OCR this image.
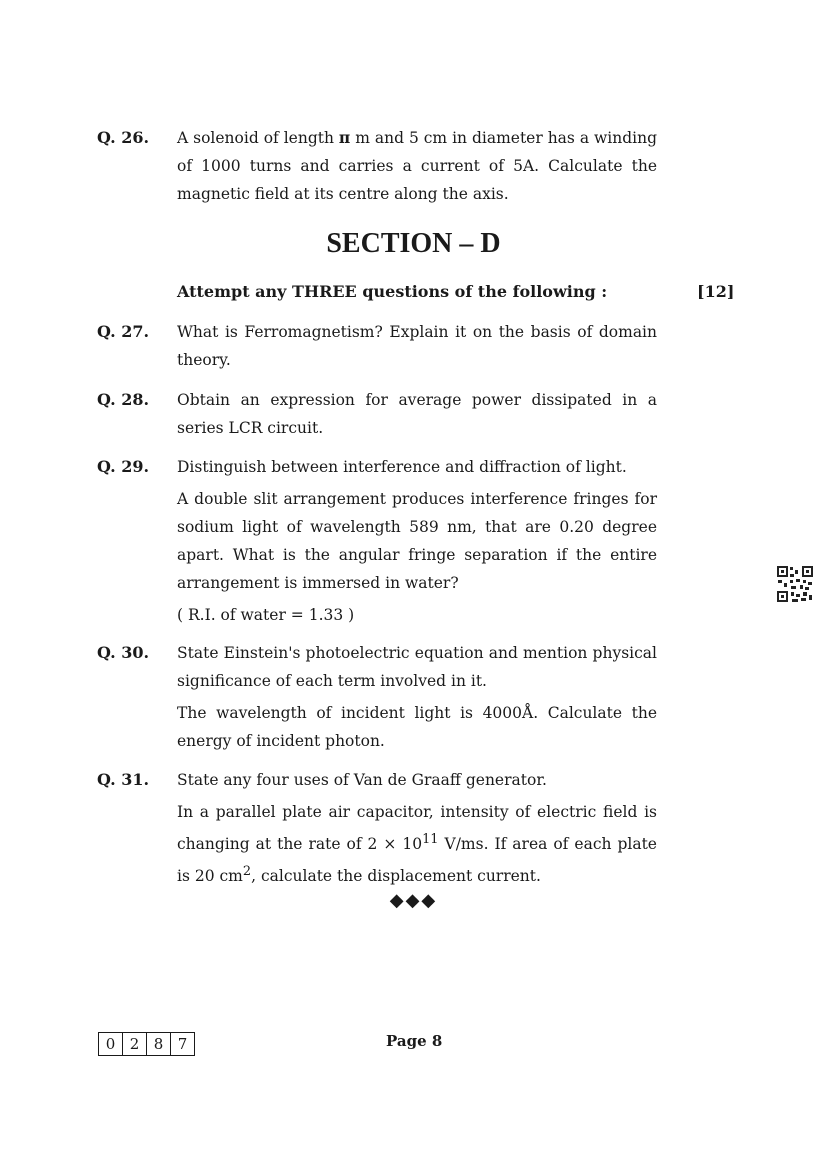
Q. 26. A solenoid of length π m and 5 cm in diameter has a winding of 1000 turns and carries a current of 5A. Calculate the magnetic field at its centre along the axis.

SECTION – D
Attempt any THREE questions of the following :	[12]
Q. 27. What is Ferromagnetism? Explain it on the basis of domain theory.

Q. 28. Obtain an expression for average power dissipated in a series LCR circuit.

Q. 29. Distinguish between interference and diffraction of light.

A double slit arrangement produces interference fringes for sodium light of wavelength 589 nm, that are 0.20 degree apart. What is the angular fringe separation if the entire arrangement is immersed in water?

( R.I. of water = 1.33 )

Q. 30. State Einstein's photoelectric equation and mention physical significance of each term involved in it.

The wavelength of incident light is 4000Å. Calculate the energy of incident photon.

Q. 31. State any four uses of Van de Graaff generator.

In a parallel plate air capacitor, intensity of electric field is changing at the rate of $2 \times 10^{11}$ V/ms. If area of each plate is 20 $cm^2$, calculate the displacement current.

◆◆◆
0 2 8 7	Page 8
